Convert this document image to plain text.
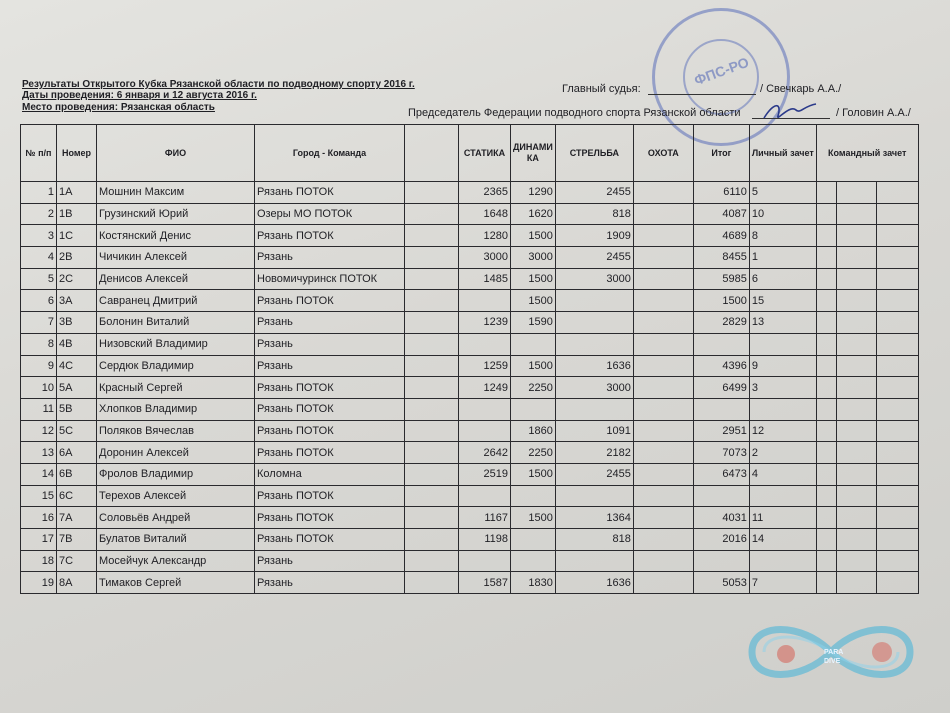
ФПС-РО
Результаты Открытого Кубка Рязанской области по подводному спорту 2016 г.
Даты проведения: 6 января и 12 августа 2016 г.
Место проведения: Рязанская область
Главный судья:	/ Свечкарь А.А./
Председатель Федерации подводного спорта Рязанской области	/ Головин А.А./
№ п/п	Номер	ФИО	Город - Команда		СТАТИКА	ДИНАМИ КА	СТРЕЛЬБА	ОХОТА	Итог	Личный зачет	Командный зачет		
1	1A	Мошнин Максим	Рязань ПОТОК		2365	1290	2455		6110	5			
2	1B	Грузинский Юрий	Озеры МО ПОТОК		1648	1620	818		4087	10			
3	1C	Костянский Денис	Рязань ПОТОК		1280	1500	1909		4689	8			
4	2B	Чичикин Алексей	Рязань		3000	3000	2455		8455	1			
5	2C	Денисов Алексей	Новомичуринск ПОТОК		1485	1500	3000		5985	6			
6	3A	Савранец Дмитрий	Рязань ПОТОК			1500			1500	15			
7	3B	Болонин Виталий	Рязань		1239	1590			2829	13			
8	4B	Низовский Владимир	Рязань										
9	4C	Сердюк Владимир	Рязань		1259	1500	1636		4396	9			
10	5A	Красный Сергей	Рязань ПОТОК		1249	2250	3000		6499	3			
11	5B	Хлопков Владимир	Рязань ПОТОК										
12	5C	Поляков Вячеслав	Рязань ПОТОК			1860	1091		2951	12			
13	6A	Доронин Алексей	Рязань ПОТОК		2642	2250	2182		7073	2			
14	6B	Фролов Владимир	Коломна		2519	1500	2455		6473	4			
15	6C	Терехов Алексей	Рязань ПОТОК										
16	7A	Соловьёв Андрей	Рязань ПОТОК		1167	1500	1364		4031	11			
17	7B	Булатов Виталий	Рязань ПОТОК		1198		818		2016	14			
18	7C	Мосейчук Александр	Рязань										
19	8A	Тимаков Сергей	Рязань		1587	1830	1636		5053	7			
PARA
DIVE
